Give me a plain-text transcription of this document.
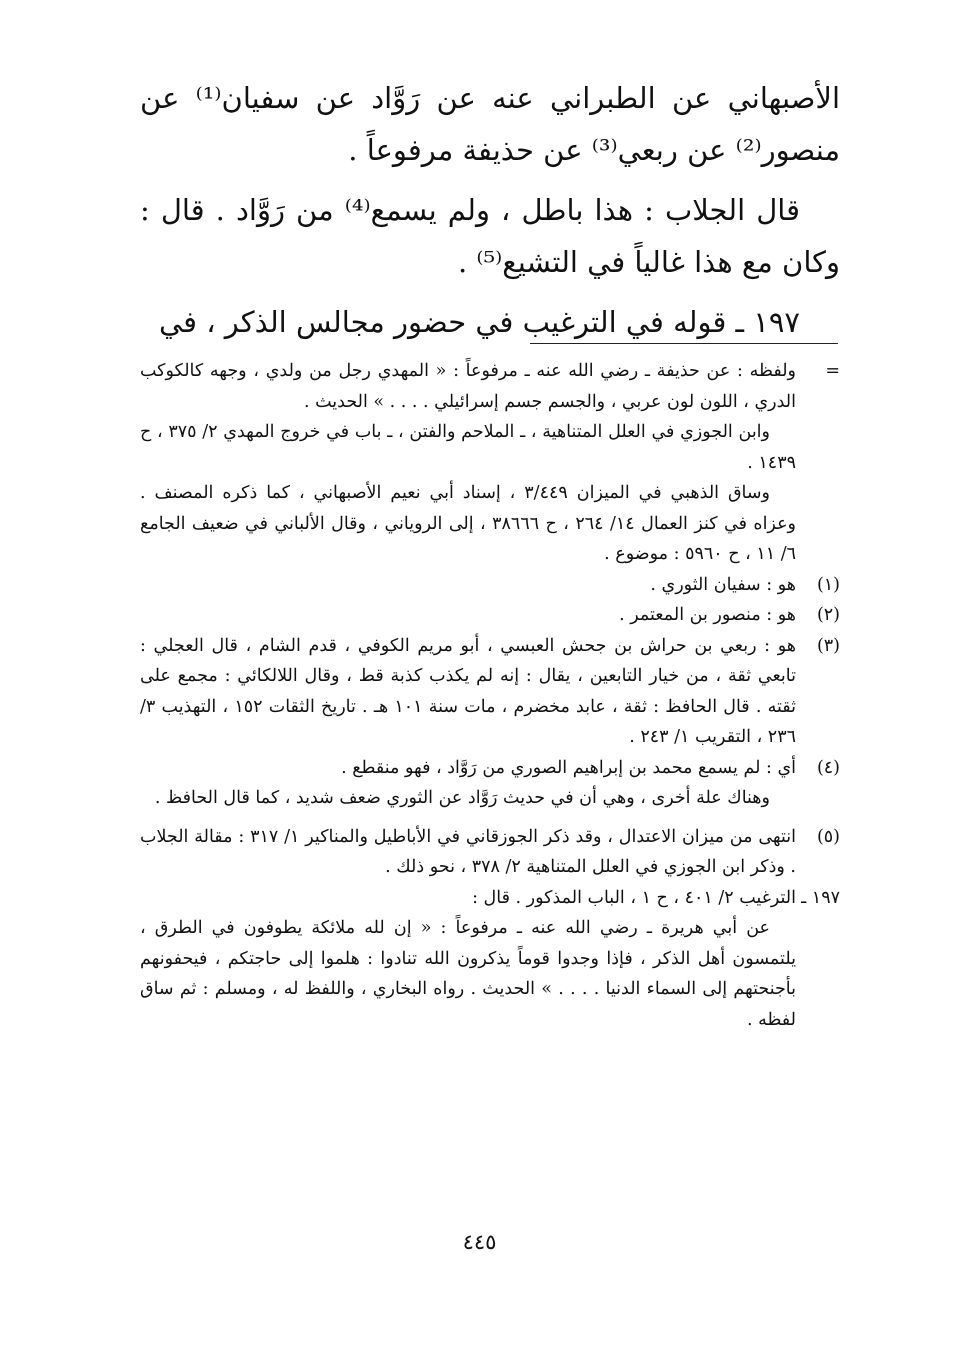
الأصبهاني عن الطبراني عنه عن رَوَّاد عن سفيان⁽¹⁾ عن منصور⁽²⁾ عن ربعي⁽³⁾ عن حذيفة مرفوعاً .

قال الجلاب : هذا باطل ، ولم يسمع⁽⁴⁾ من رَوَّاد . قال : وكان مع هذا غالياً في التشيع⁽⁵⁾ .

١٩٧ ـ قوله في الترغيب في حضور مجالس الذكر ، في

=
ولفظه : عن حذيفة ـ رضي الله عنه ـ مرفوعاً : « المهدي رجل من ولدي ، وجهه كالكوكب الدري ، اللون لون عربي ، والجسم جسم إسرائيلي . . . . » الحديث .
وابن الجوزي في العلل المتناهية ، ـ الملاحم والفتن ، ـ باب في خروج المهدي ٢/ ٣٧٥ ، ح ١٤٣٩ .
وساق الذهبي في الميزان ٣/٤٤٩ ، إسناد أبي نعيم الأصبهاني ، كما ذكره المصنف . وعزاه في كنز العمال ١٤/ ٢٦٤ ، ح ٣٨٦٦٦ ، إلى الروياني ، وقال الألباني في ضعيف الجامع ٦/ ١١ ، ح ٥٩٦٠ : موضوع .
(١)
هو : سفيان الثوري .
(٢)
هو : منصور بن المعتمر .
(٣)
هو : ربعي بن حراش بن جحش العبسي ، أبو مريم الكوفي ، قدم الشام ، قال العجلي : تابعي ثقة ، من خيار التابعين ، يقال : إنه لم يكذب كذبة قط ، وقال اللالكائي : مجمع على ثقته . قال الحافظ : ثقة ، عابد مخضرم ، مات سنة ١٠١ هـ . تاريخ الثقات ١٥٢ ، التهذيب ٣/ ٢٣٦ ، التقريب ١/ ٢٤٣ .
(٤)
أي : لم يسمع محمد بن إبراهيم الصوري من رَوَّاد ، فهو منقطع .
وهناك علة أخرى ، وهي أن في حديث رَوَّاد عن الثوري ضعف شديد ، كما قال الحافظ .
(٥)
انتهى من ميزان الاعتدال ، وقد ذكر الجوزقاني في الأباطيل والمناكير ١/ ٣١٧ : مقالة الجلاب . وذكر ابن الجوزي في العلل المتناهية ٢/ ٣٧٨ ، نحو ذلك .
١٩٧ ـ
الترغيب ٢/ ٤٠١ ، ح ١ ، الباب المذكور . قال :
عن أبي هريرة ـ رضي الله عنه ـ مرفوعاً : « إن لله ملائكة يطوفون في الطرق ، يلتمسون أهل الذكر ، فإذا وجدوا قوماً يذكرون الله تنادوا : هلموا إلى حاجتكم ، فيحفونهم بأجنحتهم إلى السماء الدنيا . . . . » الحديث . رواه البخاري ، واللفظ له ، ومسلم : ثم ساق لفظه .
٤٤٥
